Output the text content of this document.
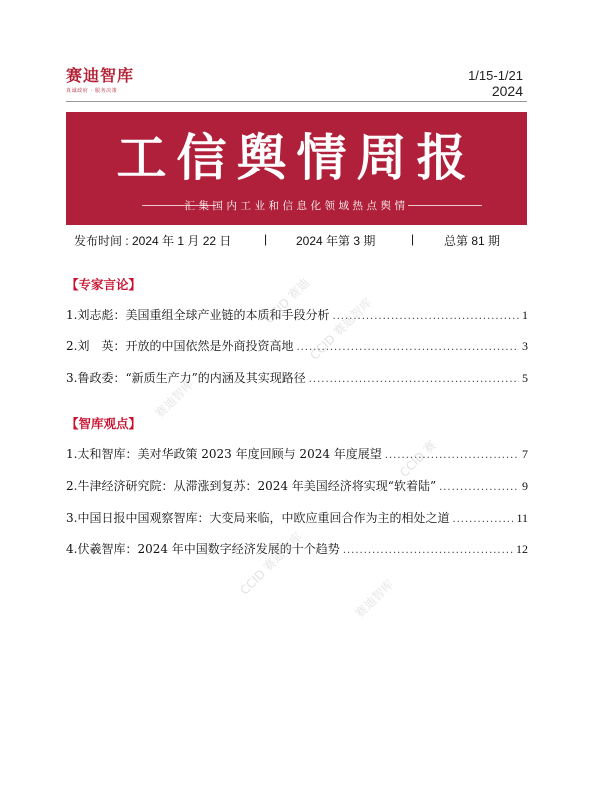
赛迪智库
真诚政府 · 服务决策
1/15-1/21
2024
工信舆情周报
汇集国内工业和信息化领域热点舆情
发布时间 : 2024 年 1 月 22 日	| 2024 年第 3 期	| 总第 81 期
【专家言论】
1.刘志彪：美国重组全球产业链的本质和手段分析 .....	1
2.刘　英：开放的中国依然是外商投资高地 .....	3
3.鲁政委：“新质生产力”的内涵及其实现路径 .....	5
【智库观点】
1.太和智库：美对华政策 2023 年度回顾与 2024 年度展望 .....	7
2.牛津经济研究院：从滞涨到复苏：2024 年美国经济将实现“软着陆” .....	9
3.中国日报中国观察智库：大变局来临，中欧应重回合作为主的相处之道 .....	11
4.伏羲智库：2024 年中国数字经济发展的十个趋势 .....	12
CCID 赛迪
CCID 赛迪智库
赛迪智库
CCID 赛
CCID 赛迪智库
赛迪智库
